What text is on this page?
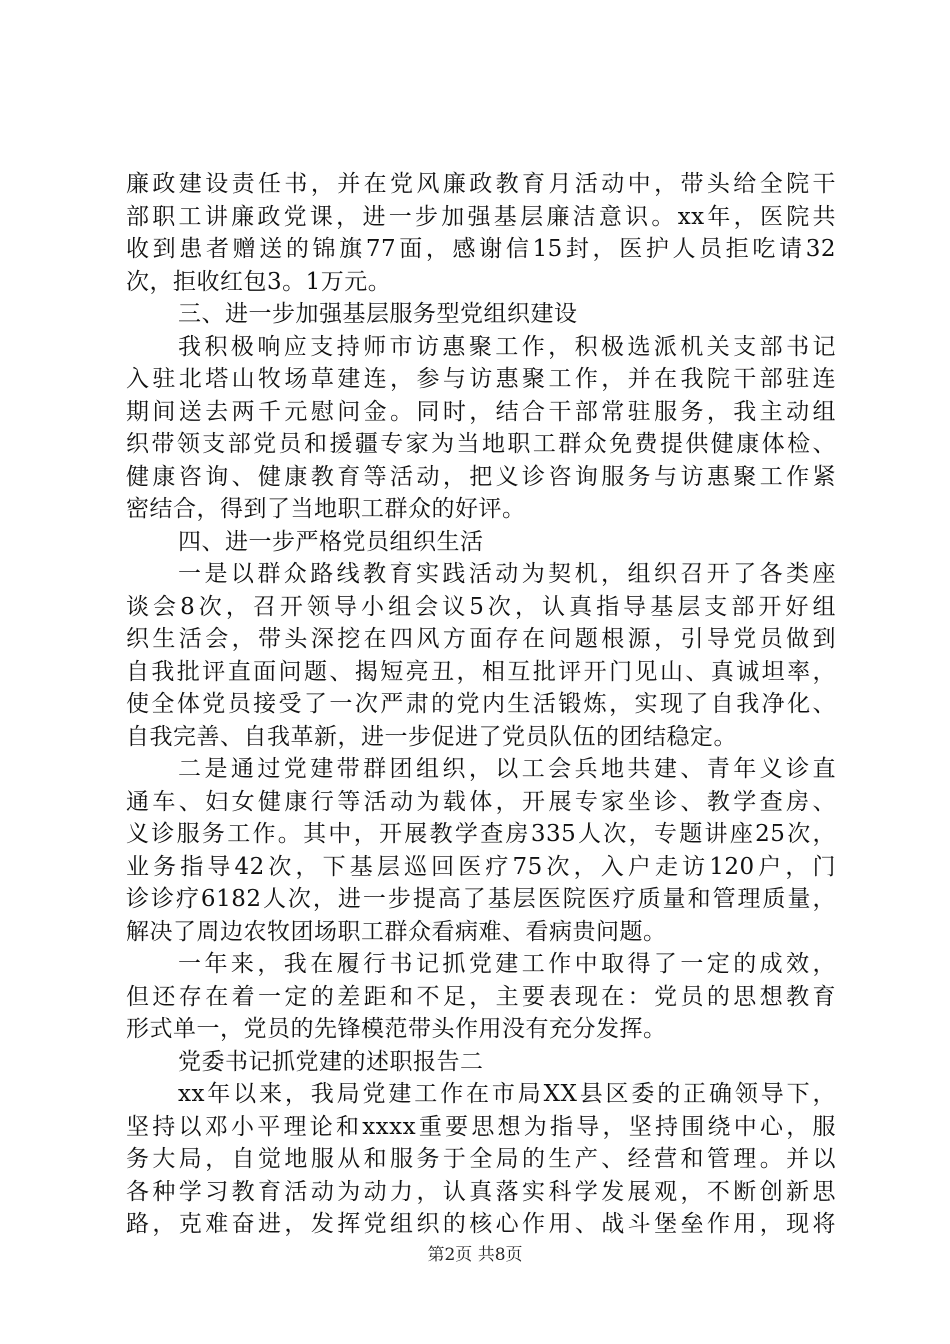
廉政建设责任书，并在党风廉政教育月活动中，带头给全院干
部职工讲廉政党课，进一步加强基层廉洁意识。xx年，医院共
收到患者赠送的锦旗77面，感谢信15封，医护人员拒吃请32
次，拒收红包3。1万元。
三、进一步加强基层服务型党组织建设
我积极响应支持师市访惠聚工作，积极选派机关支部书记
入驻北塔山牧场草建连，参与访惠聚工作，并在我院干部驻连
期间送去两千元慰问金。同时，结合干部常驻服务，我主动组
织带领支部党员和援疆专家为当地职工群众免费提供健康体检、
健康咨询、健康教育等活动，把义诊咨询服务与访惠聚工作紧
密结合，得到了当地职工群众的好评。
四、进一步严格党员组织生活
一是以群众路线教育实践活动为契机，组织召开了各类座
谈会8次，召开领导小组会议5次，认真指导基层支部开好组
织生活会，带头深挖在四风方面存在问题根源，引导党员做到
自我批评直面问题、揭短亮丑，相互批评开门见山、真诚坦率，
使全体党员接受了一次严肃的党内生活锻炼，实现了自我净化、
自我完善、自我革新，进一步促进了党员队伍的团结稳定。
二是通过党建带群团组织，以工会兵地共建、青年义诊直
通车、妇女健康行等活动为载体，开展专家坐诊、教学查房、
义诊服务工作。其中，开展教学查房335人次，专题讲座25次，
业务指导42次，下基层巡回医疗75次，入户走访120户，门
诊诊疗6182人次，进一步提高了基层医院医疗质量和管理质量，
解决了周边农牧团场职工群众看病难、看病贵问题。
一年来，我在履行书记抓党建工作中取得了一定的成效，
但还存在着一定的差距和不足，主要表现在：党员的思想教育
形式单一，党员的先锋模范带头作用没有充分发挥。
党委书记抓党建的述职报告二
xx年以来，我局党建工作在市局XX县区委的正确领导下，
坚持以邓小平理论和xxxx重要思想为指导，坚持围绕中心，服
务大局，自觉地服从和服务于全局的生产、经营和管理。并以
各种学习教育活动为动力，认真落实科学发展观，不断创新思
路，克难奋进，发挥党组织的核心作用、战斗堡垒作用，现将
第2页 共8页
